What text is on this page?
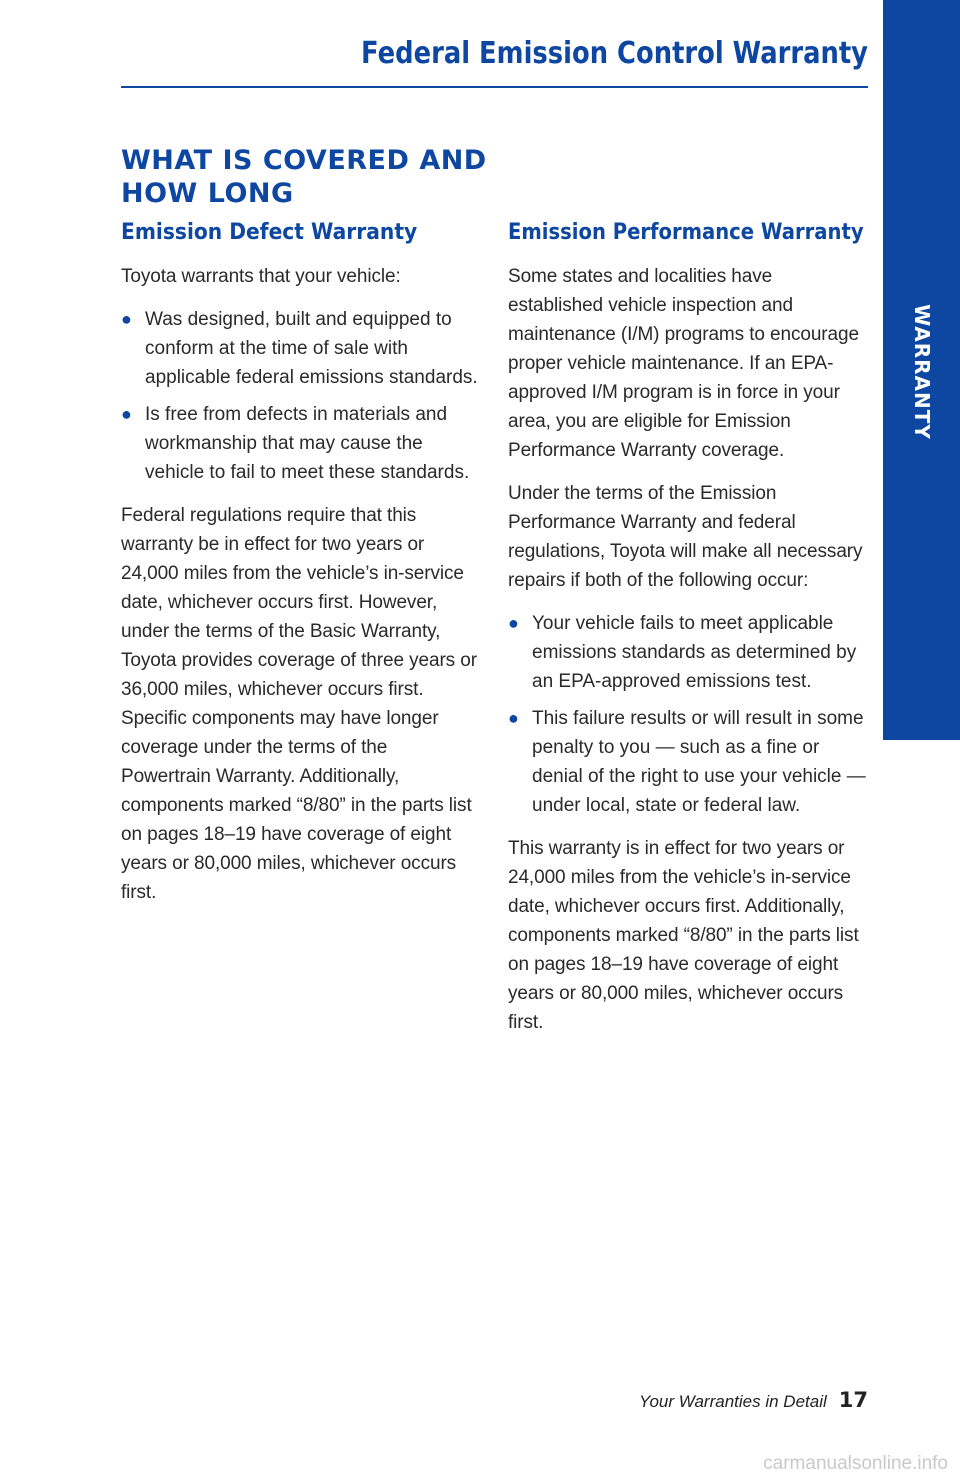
Federal Emission Control Warranty
WARRANTY
WHAT IS COVERED AND
HOW LONG
Emission Defect Warranty

Toyota warrants that your vehicle:

● Was designed, built and equipped to conform at the time of sale with applicable federal emissions standards.
● Is free from defects in materials and workmanship that may cause the vehicle to fail to meet these standards.

Federal regulations require that this warranty be in effect for two years or 24,000 miles from the vehicle’s in-service date, whichever occurs first. However, under the terms of the Basic Warranty, Toyota provides coverage of three years or 36,000 miles, whichever occurs first. Specific components may have longer coverage under the terms of the Powertrain Warranty. Additionally, components marked “8/80” in the parts list on pages 18–19 have coverage of eight years or 80,000 miles, whichever occurs first.

Emission Performance Warranty

Some states and localities have established vehicle inspection and maintenance (I/M) programs to encourage proper vehicle maintenance. If an EPA-approved I/M program is in force in your area, you are eligible for Emission Performance Warranty coverage.

Under the terms of the Emission Performance Warranty and federal regulations, Toyota will make all necessary repairs if both of the following occur:

● Your vehicle fails to meet applicable emissions standards as determined by an EPA-approved emissions test.
● This failure results or will result in some penalty to you — such as a fine or denial of the right to use your vehicle — under local, state or federal law.

This warranty is in effect for two years or 24,000 miles from the vehicle’s in-service date, whichever occurs first. Additionally, components marked “8/80” in the parts list on pages 18–19 have coverage of eight years or 80,000 miles, whichever occurs first.

Your Warranties in Detail 17
carmanualsonline.info
